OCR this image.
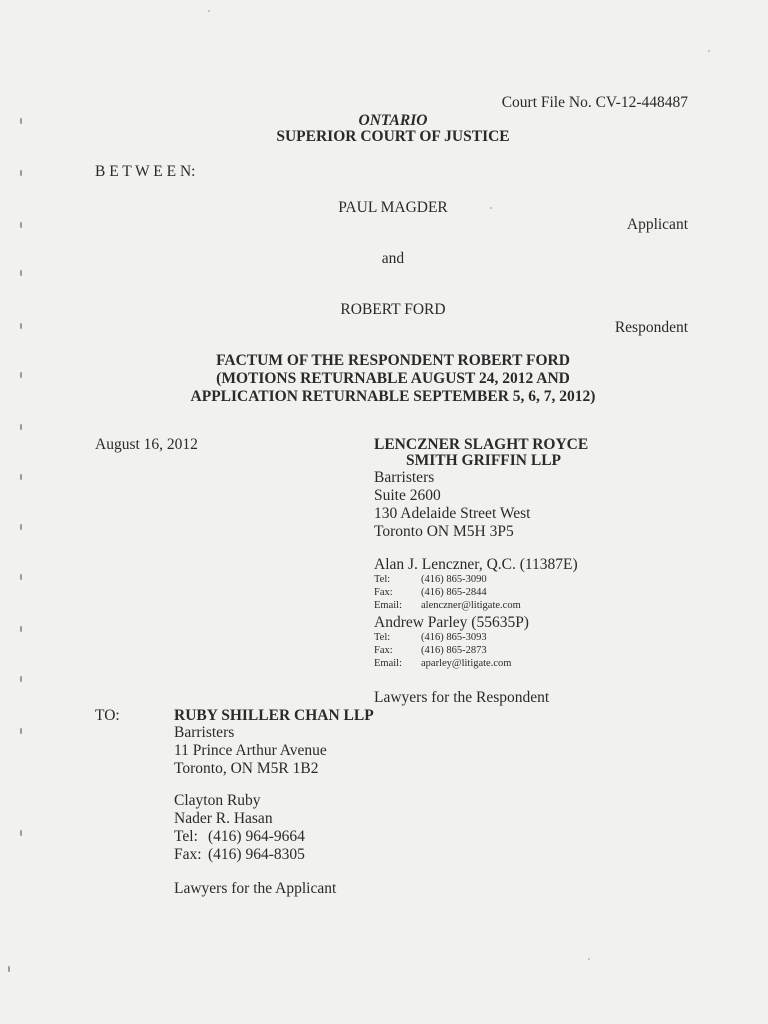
Court File No. CV-12-448487
ONTARIO
SUPERIOR COURT OF JUSTICE
B E T W E E N:
PAUL MAGDER
Applicant
and
ROBERT FORD
Respondent
FACTUM OF THE RESPONDENT ROBERT FORD
(MOTIONS RETURNABLE AUGUST 24, 2012 AND
APPLICATION RETURNABLE SEPTEMBER 5, 6, 7, 2012)
August 16, 2012	LENCZNER SLAGHT ROYCE
SMITH GRIFFIN LLP
Barristers
Suite 2600
130 Adelaide Street West
Toronto ON M5H 3P5
Alan J. Lenczner, Q.C. (11387E)
Tel:	(416) 865-3090
Fax:	(416) 865-2844
Email: alenczner@litigate.com
Andrew Parley (55635P)
Tel:	(416) 865-3093
Fax:	(416) 865-2873
Email: aparley@litigate.com
Lawyers for the Respondent
TO:	RUBY SHILLER CHAN LLP
Barristers
11 Prince Arthur Avenue
Toronto, ON M5R 1B2
Clayton Ruby
Nader R. Hasan
Tel: (416) 964-9664
Fax: (416) 964-8305
Lawyers for the Applicant
